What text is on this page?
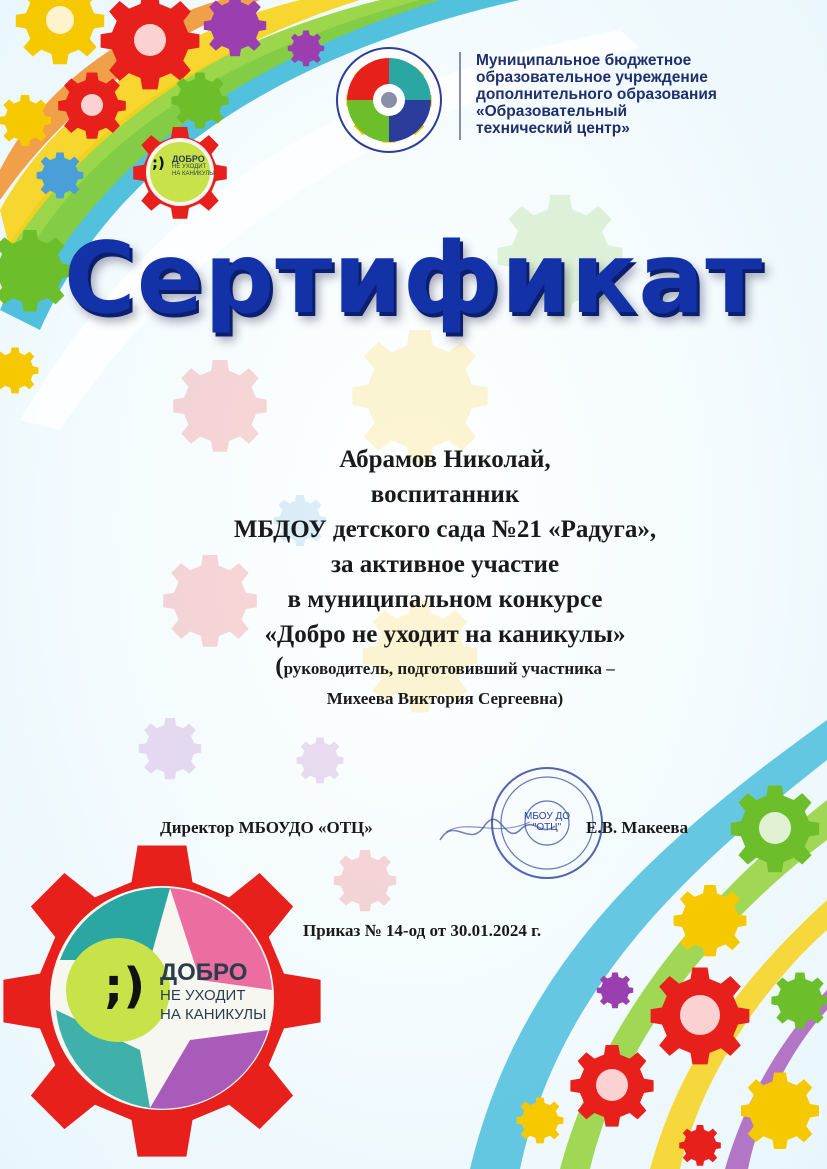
Муниципальное бюджетное
образовательное учреждение
дополнительного образования
«Образовательный
технический центр»
;) ДОБРО
НЕ УХОДИТ
НА КАНИКУЛЫ
Сертификат
Абрамов Николай,
воспитанник
МБДОУ детского сада №21 «Радуга»,
за активное участие
в муниципальном конкурсе
«Добро не уходит на каникулы»
(руководитель, подготовивший участника –
Михеева Виктория Сергеевна)
Директор МБОУДО «ОТЦ»
МБОУ ДО
"ОТЦ"	Е.В. Макеева
Приказ № 14-од от 30.01.2024 г.
;) ДОБРО
НЕ УХОДИТ
НА КАНИКУЛЫ
